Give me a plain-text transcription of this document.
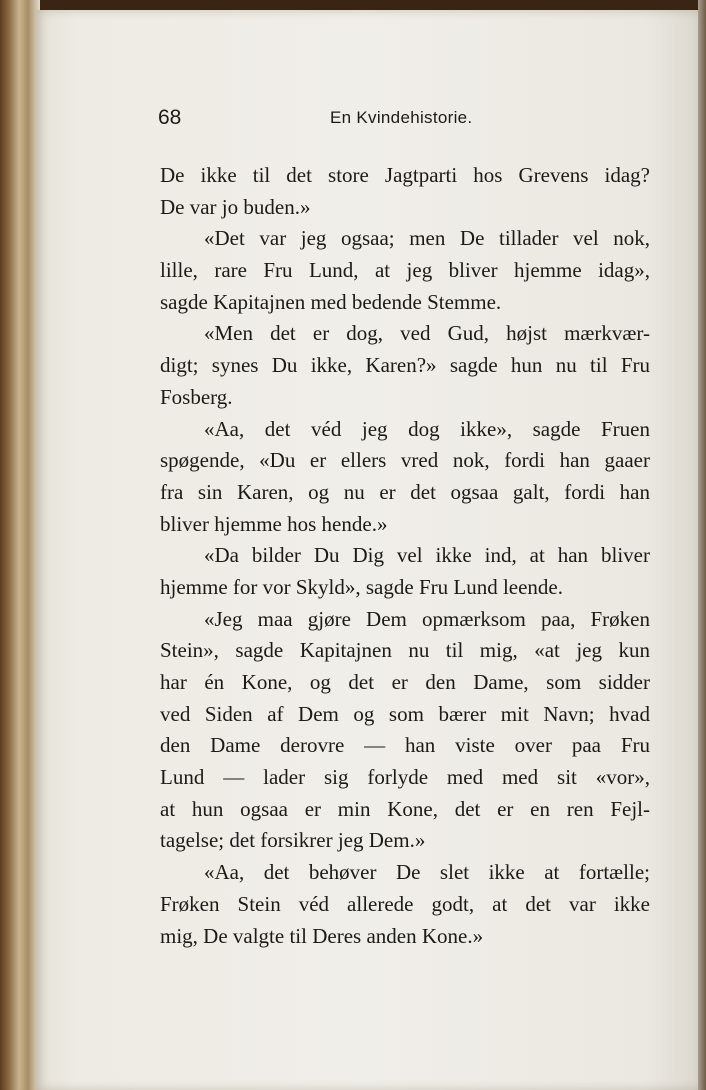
68	En Kvindehistorie.
De ikke til det store Jagtparti hos Grevens idag?
De var jo buden.»
«Det var jeg ogsaa; men De tillader vel nok,
lille, rare Fru Lund, at jeg bliver hjemme idag»,
sagde Kapitajnen med bedende Stemme.
«Men det er dog, ved Gud, højst mærkvær-
digt; synes Du ikke, Karen?» sagde hun nu til Fru
Fosberg.
«Aa, det véd jeg dog ikke», sagde Fruen
spøgende, «Du er ellers vred nok, fordi han gaaer
fra sin Karen, og nu er det ogsaa galt, fordi han
bliver hjemme hos hende.»
«Da bilder Du Dig vel ikke ind, at han bliver
hjemme for vor Skyld», sagde Fru Lund leende.
«Jeg maa gjøre Dem opmærksom paa, Frøken
Stein», sagde Kapitajnen nu til mig, «at jeg kun
har én Kone, og det er den Dame, som sidder
ved Siden af Dem og som bærer mit Navn; hvad
den Dame derovre — han viste over paa Fru
Lund — lader sig forlyde med med sit «vor»,
at hun ogsaa er min Kone, det er en ren Fejl-
tagelse; det forsikrer jeg Dem.»
«Aa, det behøver De slet ikke at fortælle;
Frøken Stein véd allerede godt, at det var ikke
mig, De valgte til Deres anden Kone.»
